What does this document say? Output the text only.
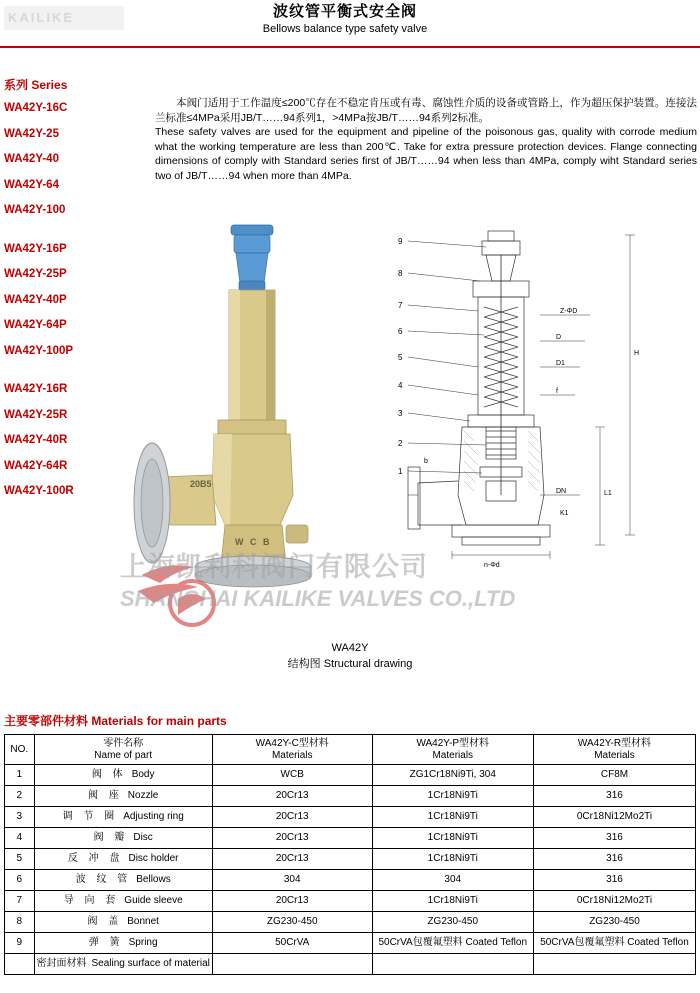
KAILIKE	波纹管平衡式安全阀
Bellows balance type safety valve
系列 Series
WA42Y-16C
WA42Y-25
WA42Y-40
WA42Y-64
WA42Y-100
WA42Y-16P
WA42Y-25P
WA42Y-40P
WA42Y-64P
WA42Y-100P
WA42Y-16R
WA42Y-25R
WA42Y-40R
WA42Y-64R
WA42Y-100R

本阀门适用于工作温度≤200℃存在不稳定肯压或有毒、腐蚀性介质的设备或管路上，作为超压保护装置。连接法兰标准≤4MPa采用JB/T……94系列1，>4MPa按JB/T……94系列2标准。

These safety valves are used for the equipment and pipeline of the poisonous gas, quality with corrode medium what the working temperature are less than 200℃. Take for extra pressure protection devices. Flange connecting dimensions of comply with Standard series first of JB/T……94 when less than 4MPa, comply wiht Standard series two of JB/T……94 when more than 4MPa.

20B5
W C B
9
8
7
6
5
4
3
2
1
H
L1
Z-ΦD
D
D1
f
DN
K1
n-Φd
b
上海凯利科阀门有限公司
SHANGHAI KAILIKE VALVES CO.,LTD
WA42Y
结构图 Structural drawing
主要零部件材料 Materials for main parts
NO.	
零件名称
Name of part

WA42Y-C型材料
Materials

WA42Y-P型材料
Materials

WA42Y-R型材料
Materials

1	阀 体 Body	WCB	ZG1Cr18Ni9Ti, 304	CF8M
2	阀 座 Nozzle	20Cr13	1Cr18Ni9Ti	316
3	调 节 圈 Adjusting ring	20Cr13	1Cr18Ni9Ti	0Cr18Ni12Mo2Ti
4	阀 瓣 Disc	20Cr13	1Cr18Ni9Ti	316
5	反 冲 盘 Disc holder	20Cr13	1Cr18Ni9Ti	316
6	波 纹 管 Bellows	304	304	316
7	导 向 套 Guide sleeve	20Cr13	1Cr18Ni9Ti	0Cr18Ni12Mo2Ti
8	阀 盖 Bonnet	ZG230-450	ZG230-450	ZG230-450
9	弹 簧 Spring	50CrVA	50CrVA包覆氟塑料 Coated Teflon	50CrVA包覆氟塑料 Coated Teflon
	密封面材料 Sealing surface of material			
